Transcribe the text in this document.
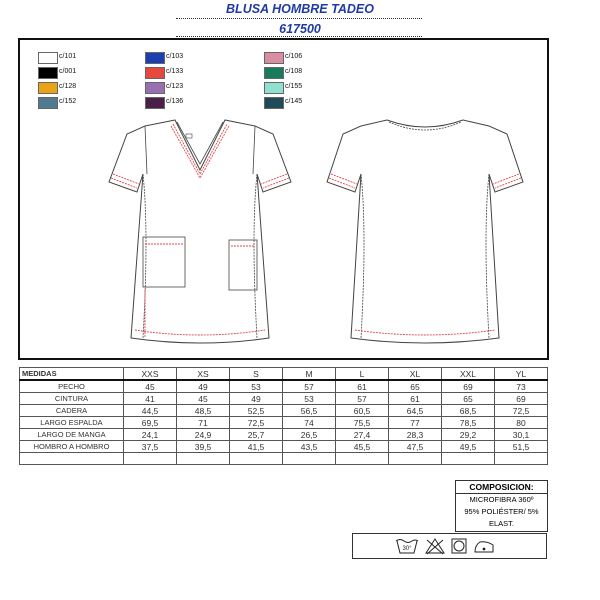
BLUSA HOMBRE TADEO
617500
c/101
c/001
c/128
c/152
c/103
c/133
c/123
c/136
c/106
c/108
c/155
c/145
MEDIDAS	XXS	XS	S	M	L	XL	XXL	YL
PECHO	45	49	53	57	61	65	69	73
CINTURA	41	45	49	53	57	61	65	69
CADERA	44,5	48,5	52,5	56,5	60,5	64,5	68,5	72,5
LARGO ESPALDA	69,5	71	72,5	74	75,5	77	78,5	80
LARGO DE MANGA	24,1	24,9	25,7	26,5	27,4	28,3	29,2	30,1
HOMBRO A HOMBRO	37,5	39,5	41,5	43,5	45,5	47,5	49,5	51,5

COMPOSICION:
MICROFIBRA 360º
95% POLIÉSTER/ 5%
ELAST.
30°
